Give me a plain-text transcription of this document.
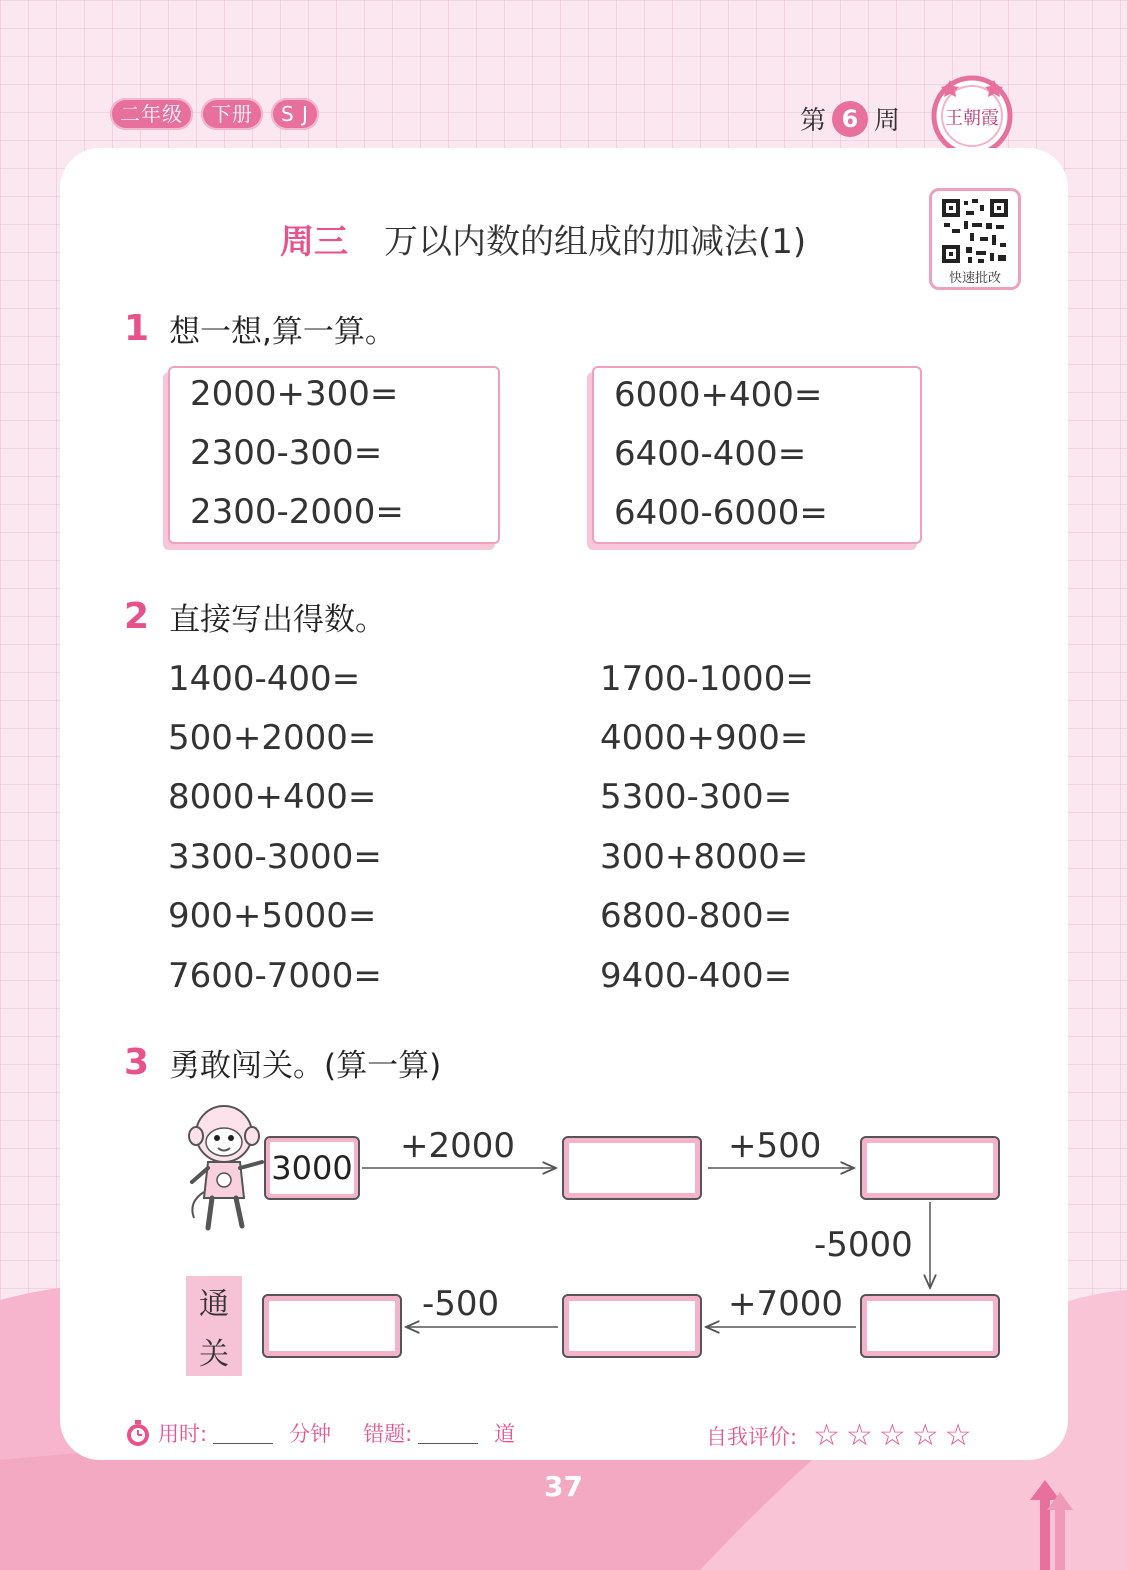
二年级	下册	S J	第 6 周 王朝霞
快速批改
周三 万以内数的组成的加减法(1)
1 想一想,算一算。
2000+300=
2300-300=
2300-2000=
6000+400=
6400-400=
6400-6000=
2 直接写出得数。
1400-400=
500+2000=
8000+400=
3300-3000=
900+5000=
7600-7000=
1700-1000=
4000+900=
5300-300=
300+8000=
6800-800=
9400-400=
3 勇敢闯关。(算一算)
3000
+2000	+500
-5000
+7000
-500
通
关
用时:	分钟 错题:	道	自我评价: ☆☆☆☆☆
37
